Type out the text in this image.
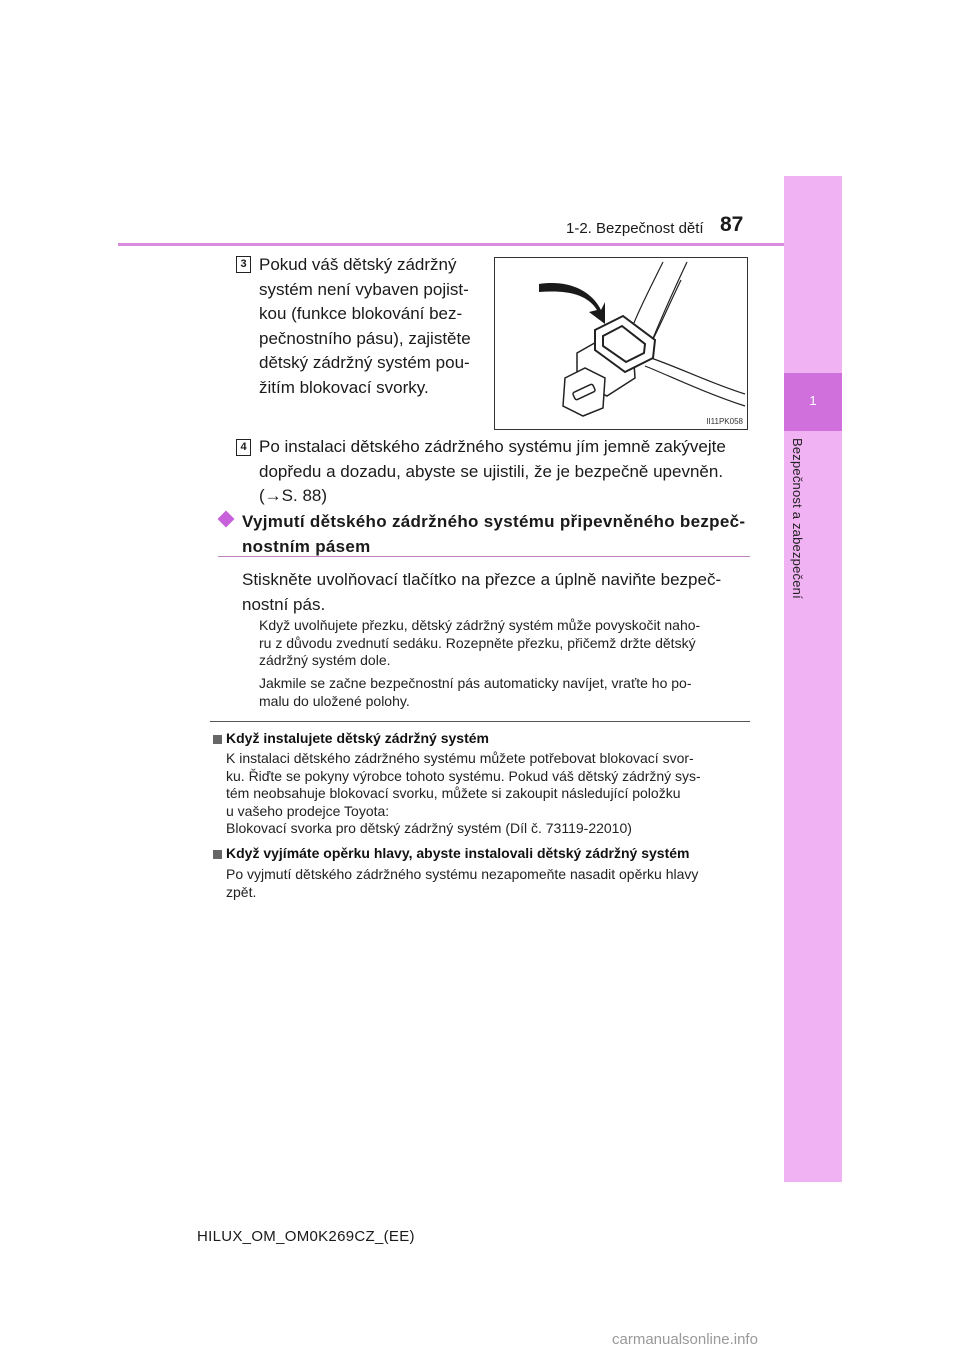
87
1-2. Bezpečnost dětí
1
Bezpečnost a zabezpečení
3 Pokud váš dětský zádržný
systém není vybaven pojist-
kou (funkce blokování bez-
pečnostního pásu), zajistěte
dětský zádržný systém pou-
žitím blokovací svorky.
II11PK058
4 Po instalaci dětského zádržného systému jím jemně zakývejte
dopředu a dozadu, abyste se ujistili, že je bezpečně upevněn.
(→S. 88)
Vyjmutí dětského zádržného systému připevněného bezpeč-
nostním pásem
Stiskněte uvolňovací tlačítko na přezce a úplně naviňte bezpeč-
nostní pás.
Když uvolňujete přezku, dětský zádržný systém může povyskočit naho-
ru z důvodu zvednutí sedáku. Rozepněte přezku, přičemž držte dětský
zádržný systém dole.
Jakmile se začne bezpečnostní pás automaticky navíjet, vraťte ho po-
malu do uložené polohy.
Když instalujete dětský zádržný systém
K instalaci dětského zádržného systému můžete potřebovat blokovací svor-
ku. Řiďte se pokyny výrobce tohoto systému. Pokud váš dětský zádržný sys-
tém neobsahuje blokovací svorku, můžete si zakoupit následující položku
u vašeho prodejce Toyota:
Blokovací svorka pro dětský zádržný systém (Díl č. 73119-22010)
Když vyjímáte opěrku hlavy, abyste instalovali dětský zádržný systém
Po vyjmutí dětského zádržného systému nezapomeňte nasadit opěrku hlavy
zpět.
HILUX_OM_OM0K269CZ_(EE)
carmanualsonline.info
